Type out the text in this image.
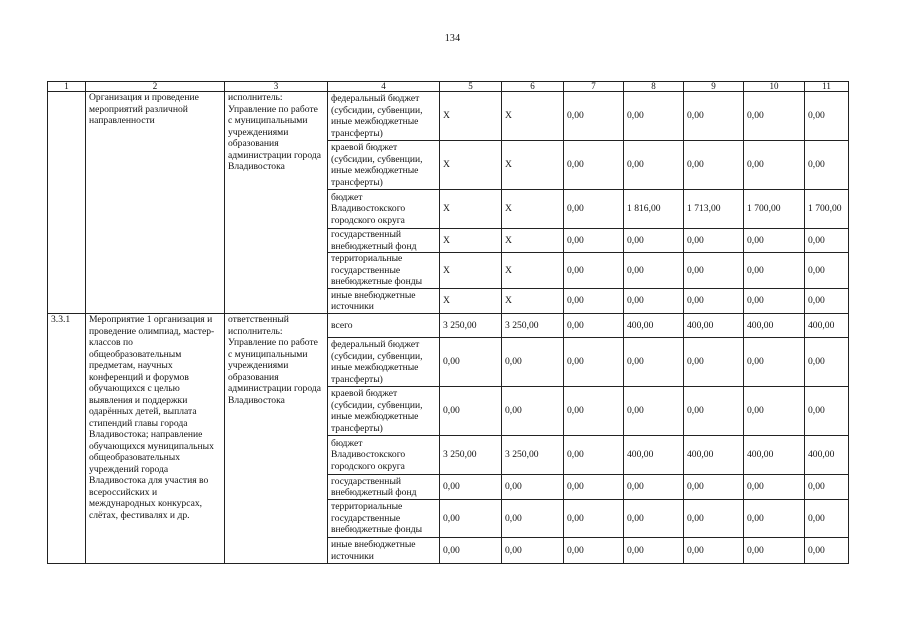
134
1	2	3	4	5	6	7	8	9	10	11
	Организация и проведение мероприятий различной направленности	исполнитель: Управление по работе с муниципальными учреждениями образования администрации города Владивостока	федеральный бюджет (субсидии, субвенции, иные межбюджетные трансферты)	Х	Х	0,00	0,00	0,00	0,00	0,00
			краевой бюджет (субсидии, субвенции, иные межбюджетные трансферты)	Х	Х	0,00	0,00	0,00	0,00	0,00
			бюджет Владивостокского городского округа	Х	Х	0,00	1 816,00	1 713,00	1 700,00	1 700,00
			государственный внебюджетный фонд	Х	Х	0,00	0,00	0,00	0,00	0,00
			территориальные государственные внебюджетные фонды	Х	Х	0,00	0,00	0,00	0,00	0,00
			иные внебюджетные источники	Х	Х	0,00	0,00	0,00	0,00	0,00
3.3.1	Мероприятие 1 организация и проведение олимпиад, мастер-классов по общеобразовательным предметам, научных конференций и форумов обучающихся с целью выявления и поддержки одарённых детей, выплата стипендий главы города Владивостока; направление обучающихся муниципальных общеобразовательных учреждений города Владивостока для участия во всероссийских и международных конкурсах, слётах, фестивалях и др.	ответственный исполнитель: Управление по работе с муниципальными учреждениями образования администрации города Владивостока	всего	3 250,00	3 250,00	0,00	400,00	400,00	400,00	400,00
			федеральный бюджет (субсидии, субвенции, иные межбюджетные трансферты)	0,00	0,00	0,00	0,00	0,00	0,00	0,00
			краевой бюджет (субсидии, субвенции, иные межбюджетные трансферты)	0,00	0,00	0,00	0,00	0,00	0,00	0,00
			бюджет Владивостокского городского округа	3 250,00	3 250,00	0,00	400,00	400,00	400,00	400,00
			государственный внебюджетный фонд	0,00	0,00	0,00	0,00	0,00	0,00	0,00
			территориальные государственные внебюджетные фонды	0,00	0,00	0,00	0,00	0,00	0,00	0,00
			иные внебюджетные источники	0,00	0,00	0,00	0,00	0,00	0,00	0,00
